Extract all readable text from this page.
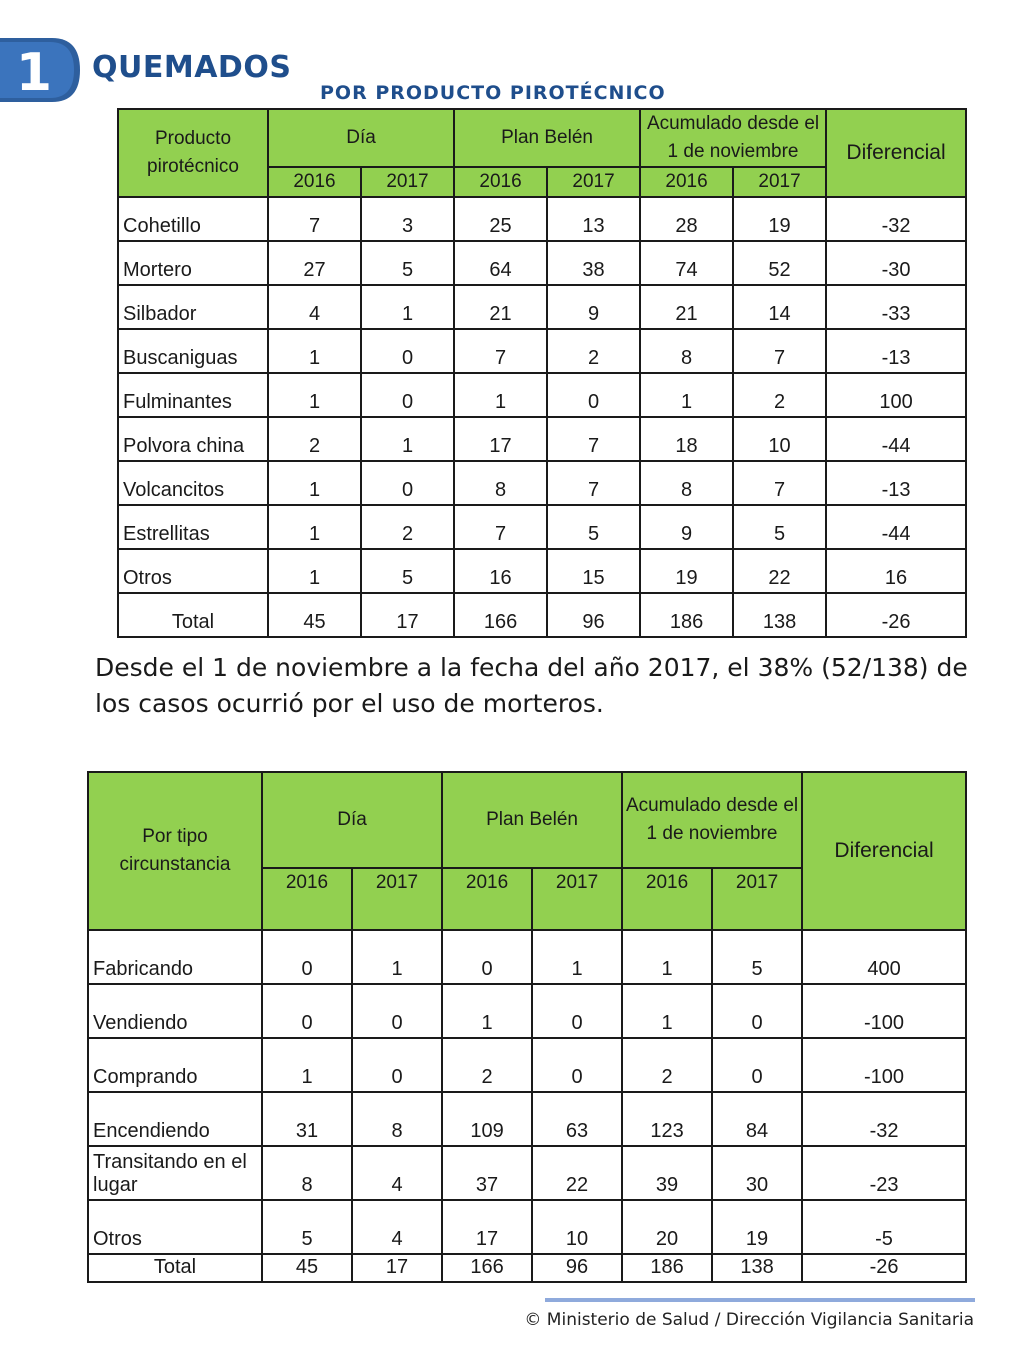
1 QUEMADOS
POR PRODUCTO PIROTÉCNICO
Producto pirotécnico	Día		Plan Belén		Acumulado desde el 1 de noviembre		Diferencial
	2016	2017	2016	2017	2016	2017	
Cohetillo	7	3	25	13	28	19	-32
Mortero	27	5	64	38	74	52	-30
Silbador	4	1	21	9	21	14	-33
Buscaniguas	1	0	7	2	8	7	-13
Fulminantes	1	0	1	0	1	2	100
Polvora china	2	1	17	7	18	10	-44
Volcancitos	1	0	8	7	8	7	-13
Estrellitas	1	2	7	5	9	5	-44
Otros	1	5	16	15	19	22	16
Total	45	17	166	96	186	138	-26
Desde el 1 de noviembre a la fecha del año 2017, el 38% (52/138) de los casos ocurrió por el uso de morteros.
Por tipo circunstancia	Día		Plan Belén		Acumulado desde el 1 de noviembre		Diferencial
	2016	2017	2016	2017	2016	2017	
Fabricando	0	1	0	1	1	5	400
Vendiendo	0	0	1	0	1	0	-100
Comprando	1	0	2	0	2	0	-100
Encendiendo	31	8	109	63	123	84	-32
Transitando en el lugar	8	4	37	22	39	30	-23
Otros	5	4	17	10	20	19	-5
Total	45	17	166	96	186	138	-26
© Ministerio de Salud / Dirección Vigilancia Sanitaria
